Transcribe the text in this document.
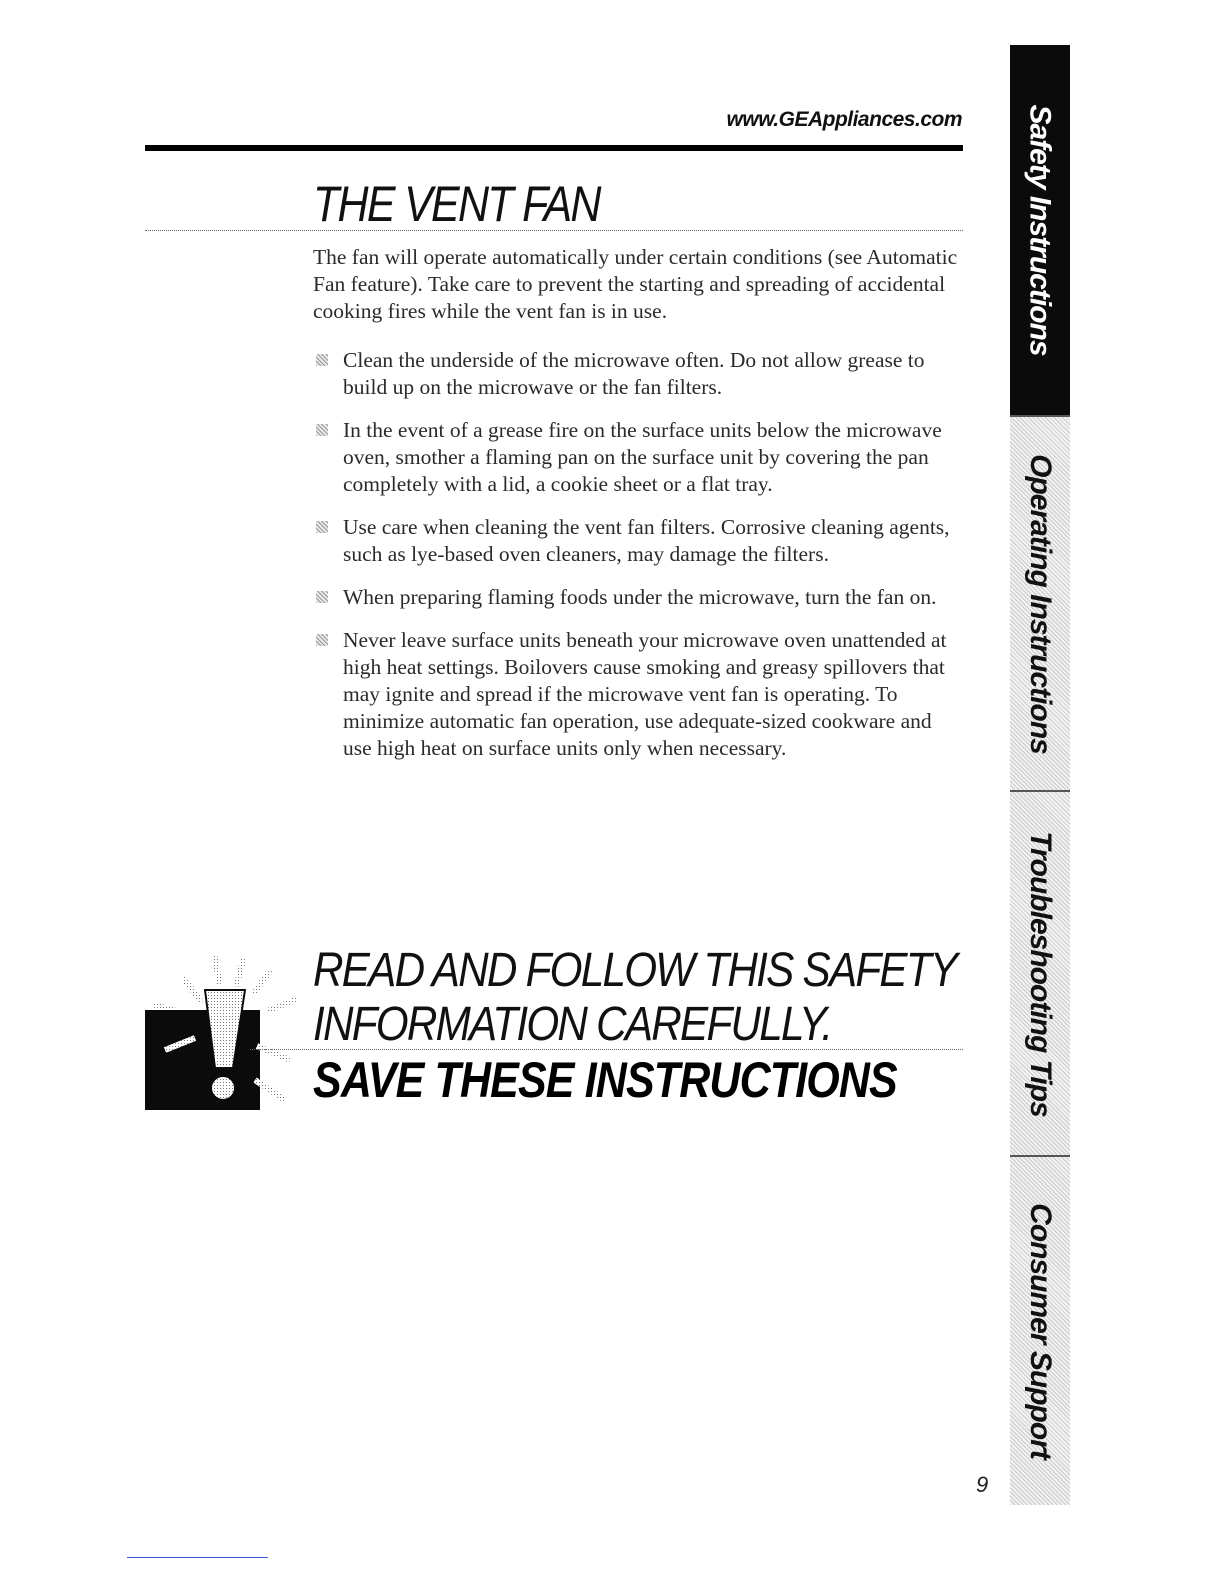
www.GEAppliances.com
THE VENT FAN

The fan will operate automatically under certain conditions (see Automatic Fan feature). Take care to prevent the starting and spreading of accidental cooking fires while the vent fan is in use.

Clean the underside of the microwave often. Do not allow grease to build up on the microwave or the fan filters.
In the event of a grease fire on the surface units below the microwave oven, smother a flaming pan on the surface unit by covering the pan completely with a lid, a cookie sheet or a flat tray.
Use care when cleaning the vent fan filters. Corrosive cleaning agents, such as lye-based oven cleaners, may damage the filters.
When preparing flaming foods under the microwave, turn the fan on.
Never leave surface units beneath your microwave oven unattended at high heat settings. Boilovers cause smoking and greasy spillovers that may ignite and spread if the microwave vent fan is operating. To minimize automatic fan operation, use adequate-sized cookware and use high heat on surface units only when necessary.
READ AND FOLLOW THIS SAFETY
INFORMATION CAREFULLY.
SAVE THESE INSTRUCTIONS
Safety Instructions
Operating Instructions
Troubleshooting Tips
Consumer Support
9
